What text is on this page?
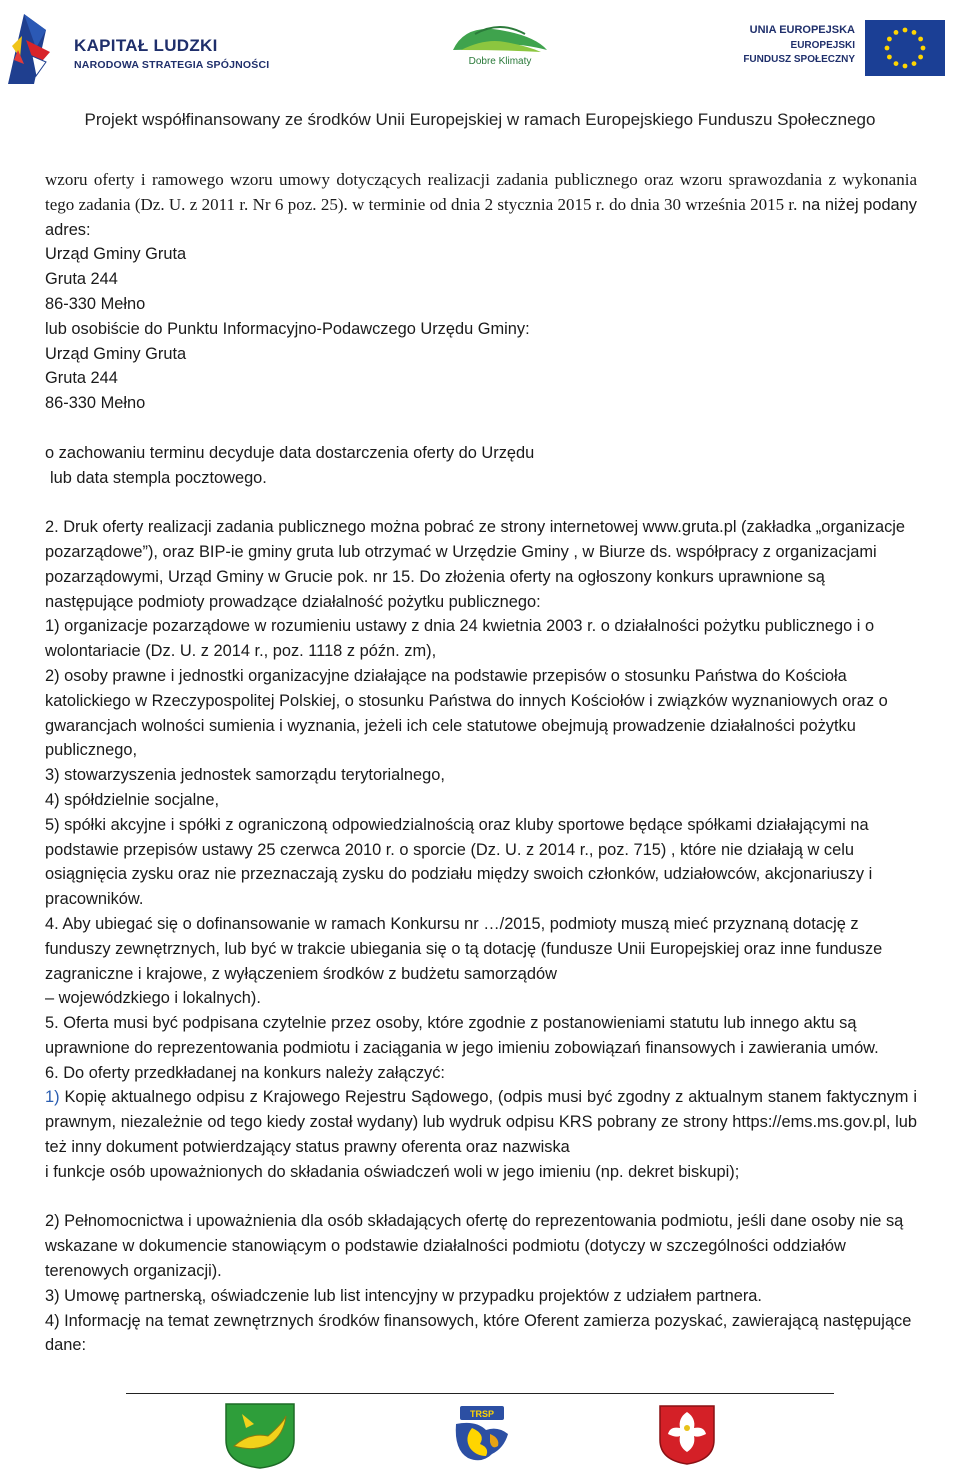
KAPITAŁ LUDZKI
NARODOWA STRATEGIA SPÓJNOŚCI	Dobre Klimaty
UNIA EUROPEJSKA
EUROPEJSKI
FUNDUSZ SPOŁECZNY
Projekt współfinansowany ze środków Unii Europejskiej w ramach Europejskiego Funduszu Społecznego

wzoru oferty i ramowego wzoru umowy dotyczących realizacji zadania publicznego oraz wzoru sprawozdania z wykonania tego zadania (Dz. U. z 2011 r. Nr 6 poz. 25). w terminie od dnia 2 stycznia 2015 r. do dnia 30 września 2015 r. na niżej podany adres:

Urząd Gminy Gruta

Gruta 244

86-330 Mełno

lub osobiście do Punktu Informacyjno-Podawczego Urzędu Gminy:

Urząd Gminy Gruta

Gruta 244

86-330 Mełno

o zachowaniu terminu decyduje data dostarczenia oferty do Urzędu

lub data stempla pocztowego.

2. Druk oferty realizacji zadania publicznego można pobrać ze strony internetowej www.gruta.pl (zakładka „organizacje pozarządowe”), oraz BIP-ie gminy gruta lub otrzymać w Urzędzie Gminy , w Biurze ds. współpracy z organizacjami pozarządowymi, Urząd Gminy w Grucie pok. nr 15. Do złożenia oferty na ogłoszony konkurs uprawnione są następujące podmioty prowadzące działalność pożytku publicznego:

1) organizacje pozarządowe w rozumieniu ustawy z dnia 24 kwietnia 2003 r. o działalności pożytku publicznego i o wolontariacie (Dz. U. z 2014 r., poz. 1118 z późn. zm),

2) osoby prawne i jednostki organizacyjne działające na podstawie przepisów o stosunku Państwa do Kościoła katolickiego w Rzeczypospolitej Polskiej, o stosunku Państwa do innych Kościołów i związków wyznaniowych oraz o gwarancjach wolności sumienia i wyznania, jeżeli ich cele statutowe obejmują prowadzenie działalności pożytku publicznego,

3) stowarzyszenia jednostek samorządu terytorialnego,

4) spółdzielnie socjalne,

5) spółki akcyjne i spółki z ograniczoną odpowiedzialnością oraz kluby sportowe będące spółkami działającymi na podstawie przepisów ustawy 25 czerwca 2010 r. o sporcie (Dz. U. z 2014 r., poz. 715) , które nie działają w celu osiągnięcia zysku oraz nie przeznaczają zysku do podziału między swoich członków, udziałowców, akcjonariuszy i pracowników.

4. Aby ubiegać się o dofinansowanie w ramach Konkursu nr …/2015, podmioty muszą mieć przyznaną dotację z funduszy zewnętrznych, lub być w trakcie ubiegania się o tą dotację (fundusze Unii Europejskiej oraz inne fundusze zagraniczne i krajowe, z wyłączeniem środków z budżetu samorządów

– wojewódzkiego i lokalnych).

5. Oferta musi być podpisana czytelnie przez osoby, które zgodnie z postanowieniami statutu lub innego aktu są uprawnione do reprezentowania podmiotu i zaciągania w jego imieniu zobowiązań finansowych i zawierania umów.

6. Do oferty przedkładanej na konkurs należy załączyć:

1) Kopię aktualnego odpisu z Krajowego Rejestru Sądowego, (odpis musi być zgodny z aktualnym stanem faktycznym i prawnym, niezależnie od tego kiedy został wydany) lub wydruk odpisu KRS pobrany ze strony https://ems.ms.gov.pl, lub też inny dokument potwierdzający status prawny oferenta oraz nazwiska

i funkcje osób upoważnionych do składania oświadczeń woli w jego imieniu (np. dekret biskupi);

2) Pełnomocnictwa i upoważnienia dla osób składających ofertę do reprezentowania podmiotu, jeśli dane osoby nie są wskazane w dokumencie stanowiącym o podstawie działalności podmiotu (dotyczy w szczególności oddziałów terenowych organizacji).

3) Umowę partnerską, oświadczenie lub list intencyjny w przypadku projektów z udziałem partnera.

4) Informację na temat zewnętrznych środków finansowych, które Oferent zamierza pozyskać, zawierającą następujące dane:

TRSP
